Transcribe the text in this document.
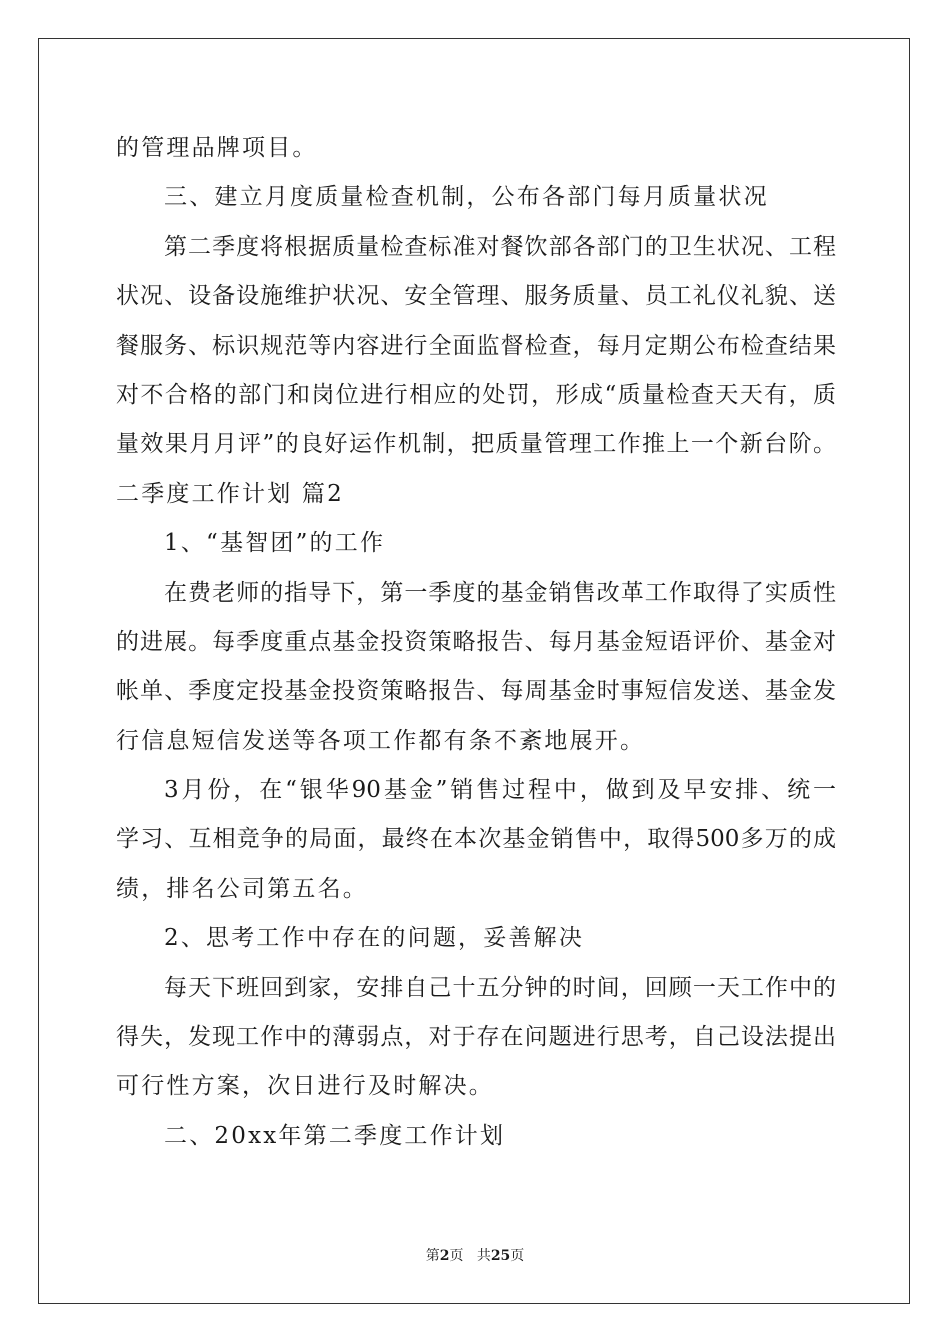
的管理品牌项目。
三、建立月度质量检查机制，公布各部门每月质量状况
第二季度将根据质量检查标准对餐饮部各部门的卫生状况、工程
状况、设备设施维护状况、安全管理、服务质量、员工礼仪礼貌、送
餐服务、标识规范等内容进行全面监督检查，每月定期公布检查结果
对不合格的部门和岗位进行相应的处罚，形成“质量检查天天有，质
量效果月月评”的良好运作机制，把质量管理工作推上一个新台阶。
二季度工作计划 篇2
1、“基智团”的工作
在费老师的指导下，第一季度的基金销售改革工作取得了实质性
的进展。每季度重点基金投资策略报告、每月基金短语评价、基金对
帐单、季度定投基金投资策略报告、每周基金时事短信发送、基金发
行信息短信发送等各项工作都有条不紊地展开。
3月份，在“银华90基金”销售过程中，做到及早安排、统一
学习、互相竞争的局面，最终在本次基金销售中，取得500多万的成
绩，排名公司第五名。
2、思考工作中存在的问题，妥善解决
每天下班回到家，安排自己十五分钟的时间，回顾一天工作中的
得失，发现工作中的薄弱点，对于存在问题进行思考，自己设法提出
可行性方案，次日进行及时解决。
二、20xx年第二季度工作计划
第2页 共25页
